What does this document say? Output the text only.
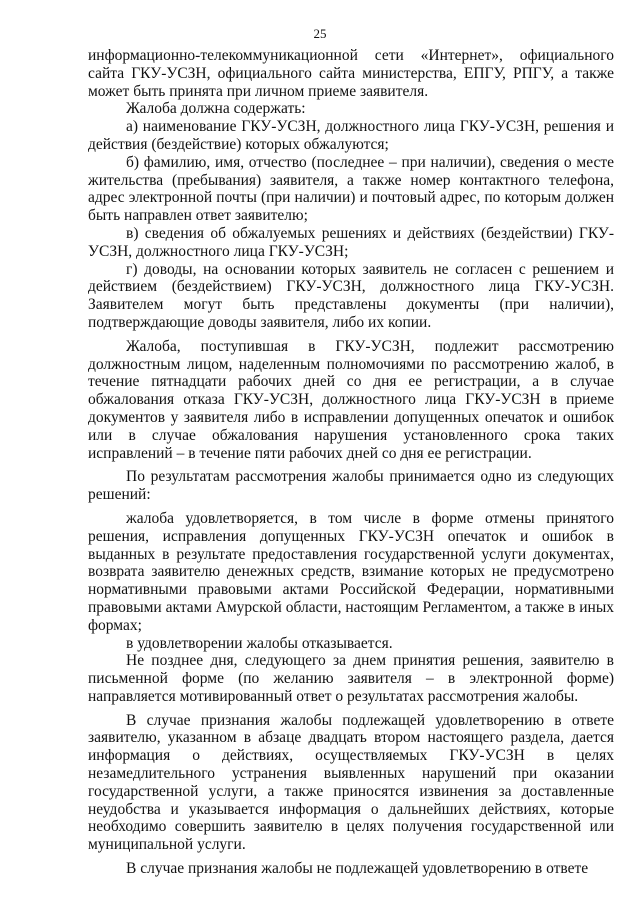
25

информационно-телекоммуникационной сети «Интернет», официального сайта ГКУ-УСЗН, официального сайта министерства, ЕПГУ, РПГУ, а также может быть принята при личном приеме заявителя.

Жалоба должна содержать:

а) наименование ГКУ-УСЗН, должностного лица ГКУ-УСЗН, решения и действия (бездействие) которых обжалуются;

б) фамилию, имя, отчество (последнее – при наличии), сведения о месте жительства (пребывания) заявителя, а также номер контактного телефона, адрес электронной почты (при наличии) и почтовый адрес, по которым должен быть направлен ответ заявителю;

в) сведения об обжалуемых решениях и действиях (бездействии) ГКУ-УСЗН, должностного лица ГКУ-УСЗН;

г) доводы, на основании которых заявитель не согласен с решением и действием (бездействием) ГКУ-УСЗН, должностного лица ГКУ-УСЗН. Заявителем могут быть представлены документы (при наличии), подтверждающие доводы заявителя, либо их копии.

Жалоба, поступившая в ГКУ-УСЗН, подлежит рассмотрению должностным лицом, наделенным полномочиями по рассмотрению жалоб, в течение пятнадцати рабочих дней со дня ее регистрации, а в случае обжалования отказа ГКУ-УСЗН, должностного лица ГКУ-УСЗН в приеме документов у заявителя либо в исправлении допущенных опечаток и ошибок или в случае обжалования нарушения установленного срока таких исправлений – в течение пяти рабочих дней со дня ее регистрации.

По результатам рассмотрения жалобы принимается одно из следующих решений:

жалоба удовлетворяется, в том числе в форме отмены принятого решения, исправления допущенных ГКУ-УСЗН опечаток и ошибок в выданных в результате предоставления государственной услуги документах, возврата заявителю денежных средств, взимание которых не предусмотрено нормативными правовыми актами Российской Федерации, нормативными правовыми актами Амурской области, настоящим Регламентом, а также в иных формах;

в удовлетворении жалобы отказывается.

Не позднее дня, следующего за днем принятия решения, заявителю в письменной форме (по желанию заявителя – в электронной форме) направляется мотивированный ответ о результатах рассмотрения жалобы.

В случае признания жалобы подлежащей удовлетворению в ответе заявителю, указанном в абзаце двадцать втором настоящего раздела, дается информация о действиях, осуществляемых ГКУ-УСЗН в целях незамедлительного устранения выявленных нарушений при оказании государственной услуги, а также приносятся извинения за доставленные неудобства и указывается информация о дальнейших действиях, которые необходимо совершить заявителю в целях получения государственной или муниципальной услуги.

В случае признания жалобы не подлежащей удовлетворению в ответе
